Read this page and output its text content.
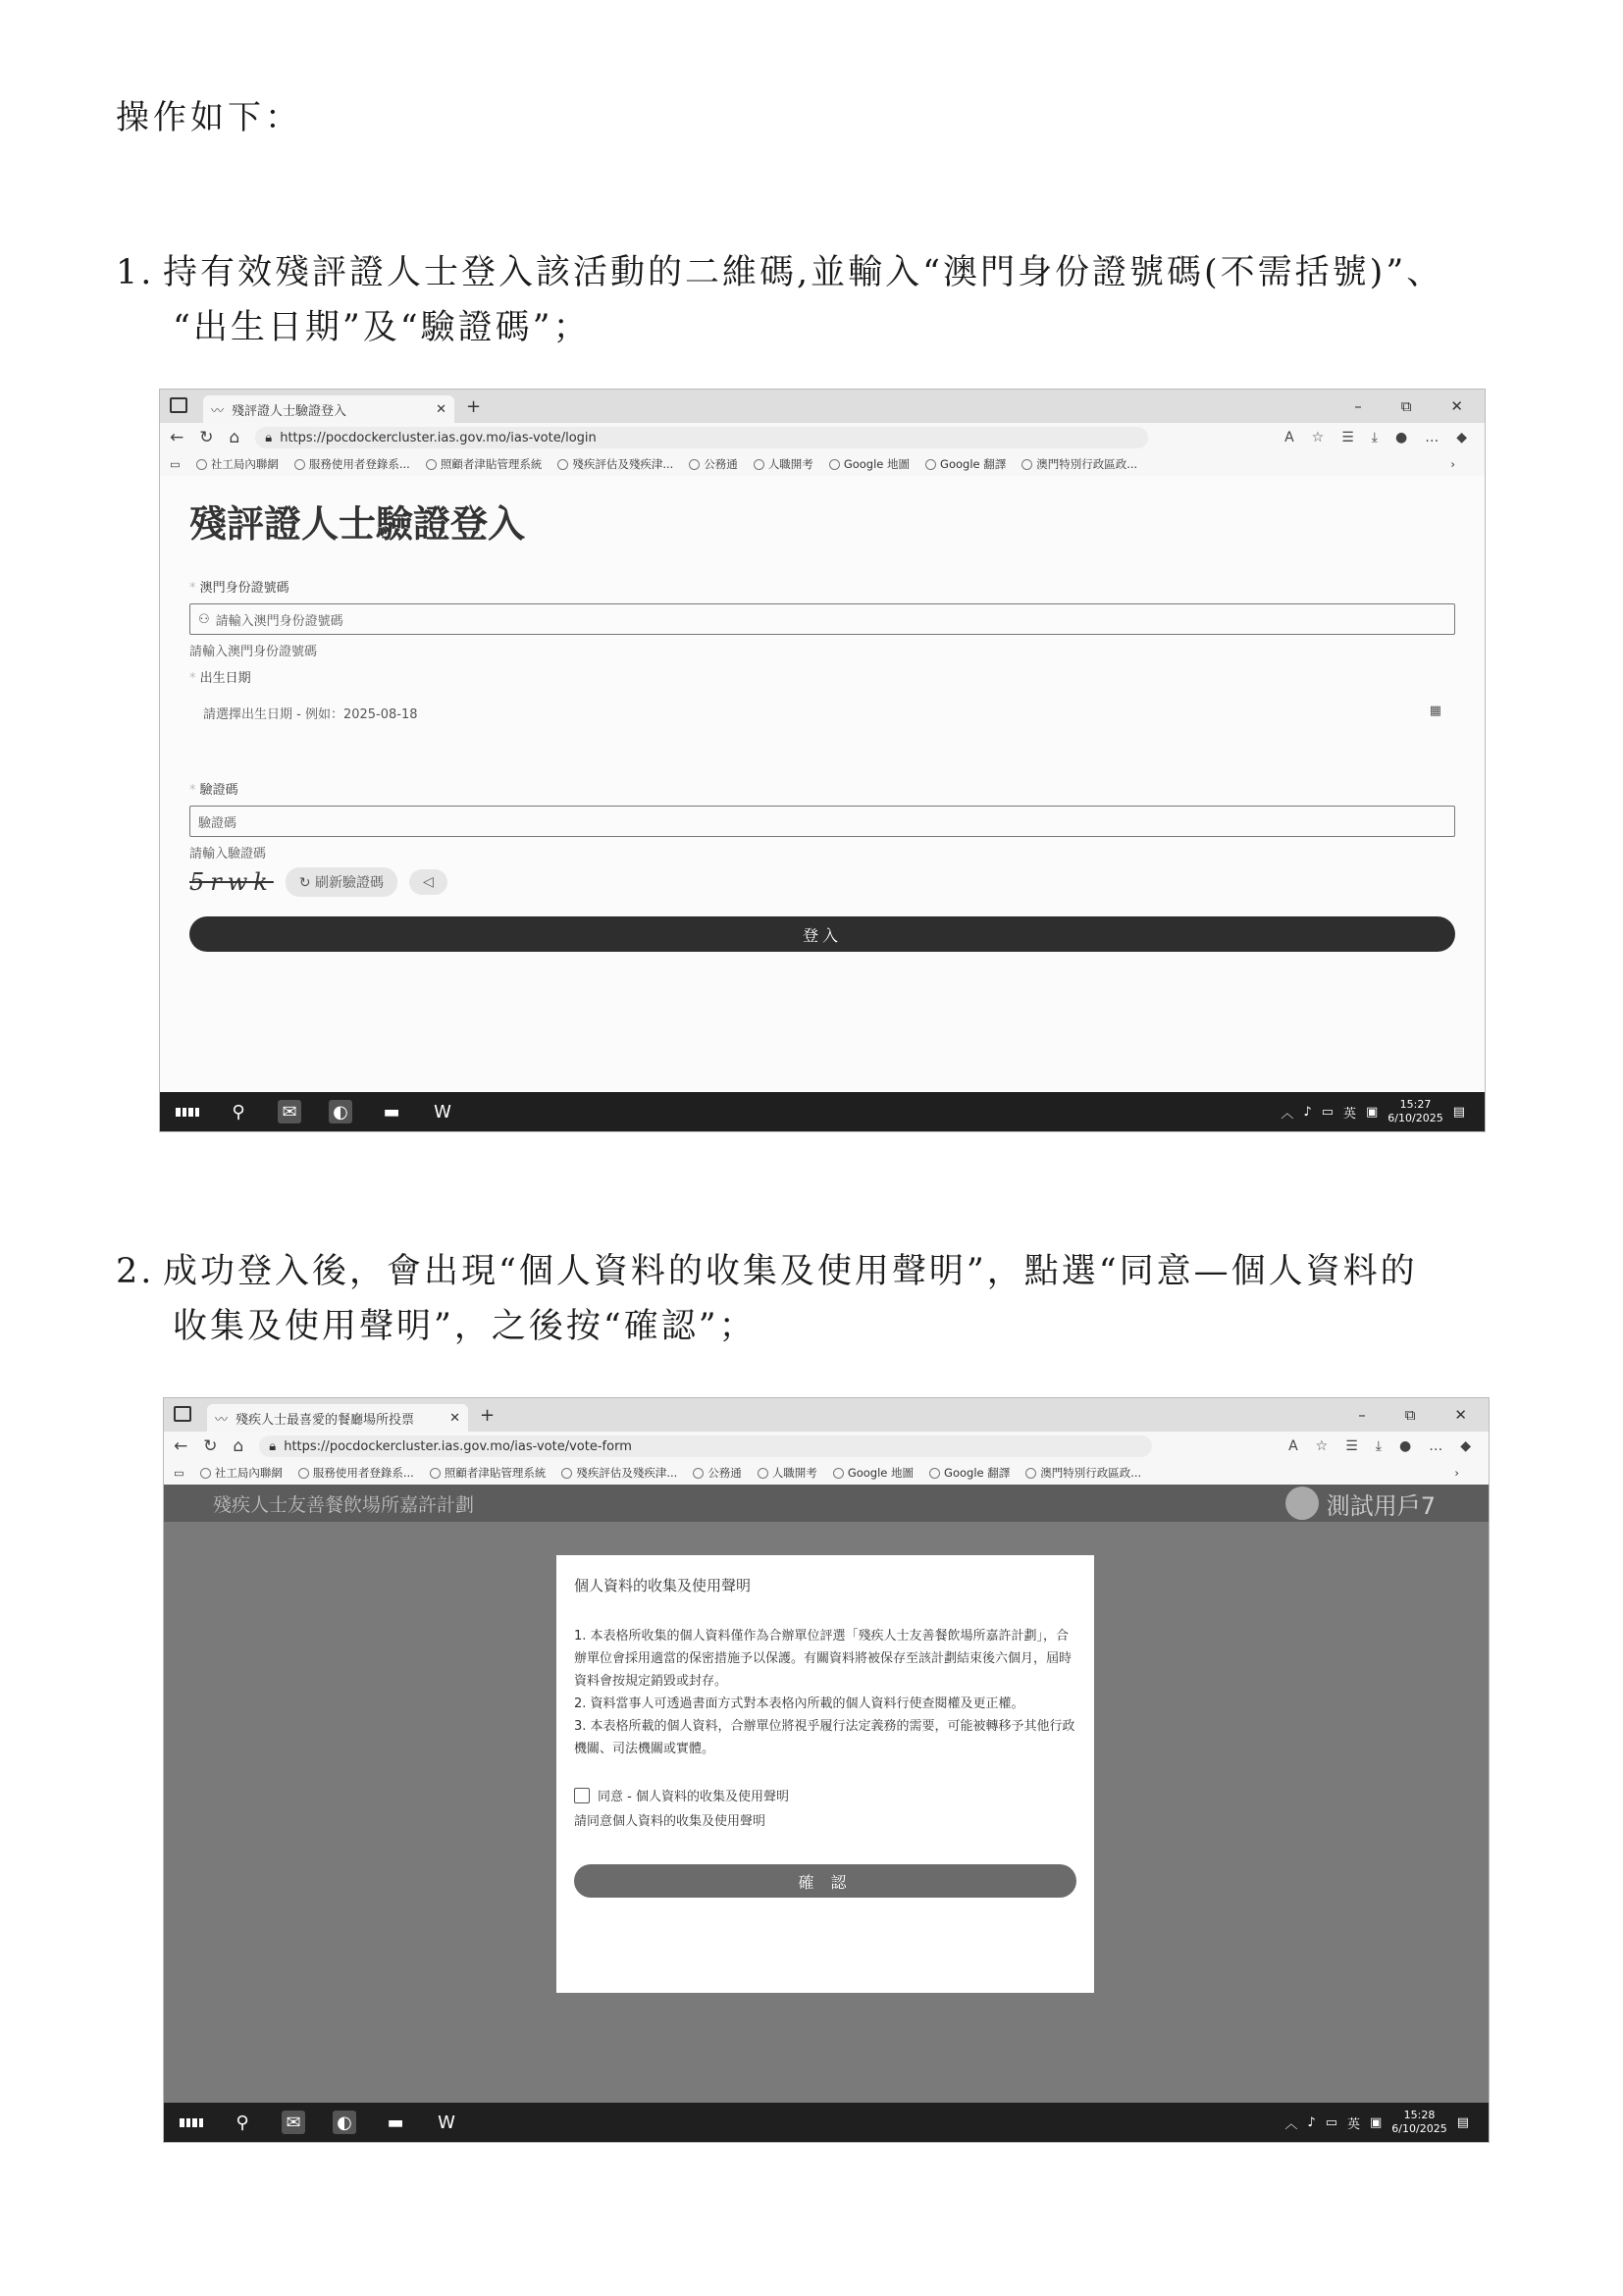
操作如下：
1. 持有效殘評證人士登入該活動的二維碼,並輸入“澳門身份證號碼(不需括號)”、
“出生日期”及“驗證碼”；
〰 殘評證人士驗證登入	✕ +	–	⧉	✕
← ↻ ⌂ 🔒︎ https://pocdockercluster.ias.gov.mo/ias-vote/login	A ☆ ☰ ⤓ ● … ◆
▭	社工局內聯網	服務使用者登錄系...	照顧者津貼管理系統	殘疾評估及殘疾津...	公務通	人職開考	Google 地圖	Google 翻譯	澳門特別行政區政...	›
殘評證人士驗證登入
* 澳門身份證號碼
⚇ 請輸入澳門身份證號碼
請輸入澳門身份證號碼
* 出生日期
請選擇出生日期 - 例如：2025-08-18	▦
* 驗證碼
驗證碼
請輸入驗證碼
5rwk	↻ 刷新驗證碼	◁
登入
⚲	✉ ◐ ▬ W	︿ ♪ ▭ 英 ▣	15:27
6/10/2025 ▤
2. 成功登入後，會出現“個人資料的收集及使用聲明”，點選“同意—個人資料的
收集及使用聲明”，之後按“確認”；
〰 殘疾人士最喜愛的餐廳場所投票	✕ +	–	⧉	✕
← ↻ ⌂ 🔒︎ https://pocdockercluster.ias.gov.mo/ias-vote/vote-form	A ☆ ☰ ⤓ ● … ◆
▭	社工局內聯網	服務使用者登錄系...	照顧者津貼管理系統	殘疾評估及殘疾津...	公務通	人職開考	Google 地圖	Google 翻譯	澳門特別行政區政...	›
殘疾人士友善餐飲場所嘉許計劃	測試用戶7
個人資料的收集及使用聲明

1. 本表格所收集的個人資料僅作為合辦單位評選「殘疾人士友善餐飲場所嘉許計劃」，合辦單位會採用適當的保密措施予以保護。有關資料將被保存至該計劃結束後六個月，屆時資料會按規定銷毀或封存。

2. 資料當事人可透過書面方式對本表格內所載的個人資料行使查閱權及更正權。

3. 本表格所載的個人資料，合辦單位將視乎履行法定義務的需要，可能被轉移予其他行政機關、司法機關或實體。

同意 - 個人資料的收集及使用聲明
請同意個人資料的收集及使用聲明
確 認
⚲	✉ ◐ ▬ W	︿ ♪ ▭ 英 ▣	15:28
6/10/2025 ▤
